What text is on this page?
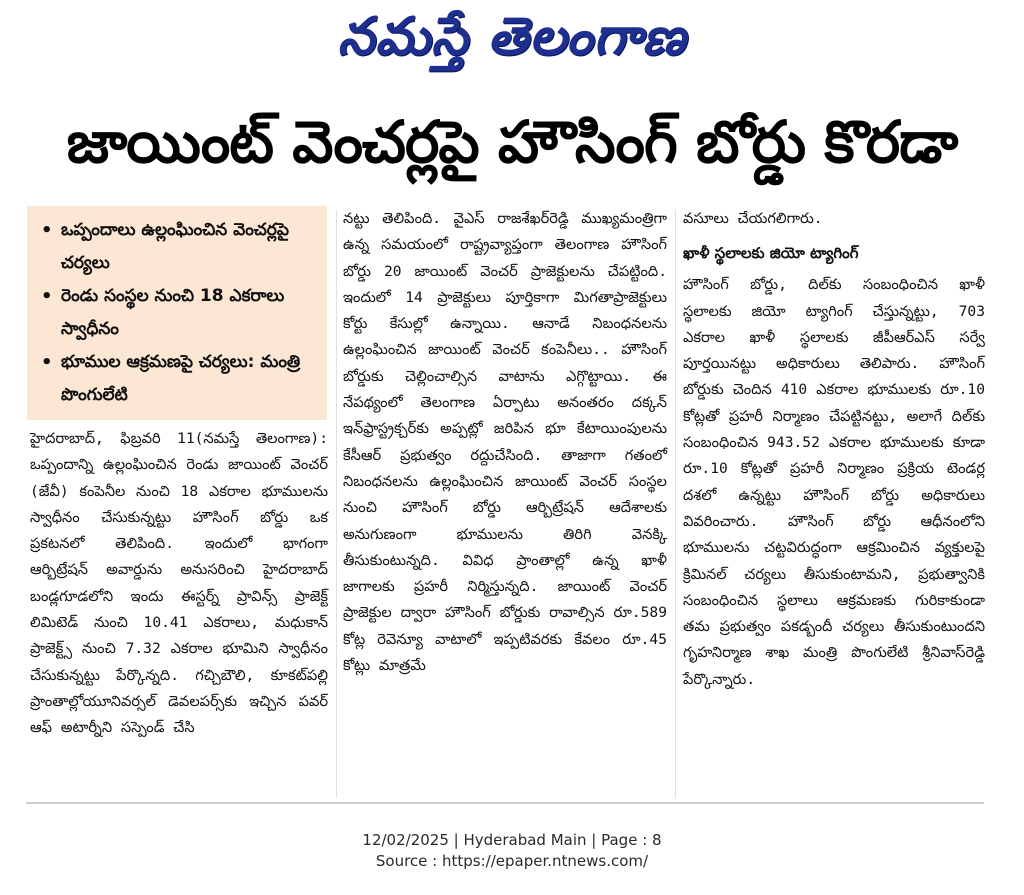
నమస్తే తెలంగాణ
జాయింట్ వెంచర్లపై హౌసింగ్ బోర్డు కొరడా
• ఒప్పందాలు ఉల్లంఘించిన వెంచర్లపై చర్యలు
• రెండు సంస్థల నుంచి 18 ఎకరాలు స్వాధీనం
• భూముల ఆక్రమణపై చర్యలు: మంత్రి పొంగులేటి

హైదరాబాద్, ఫిబ్రవరి 11(నమస్తే తెలంగాణ): ఒప్పందాన్ని ఉల్లంఘించిన రెండు జాయింట్ వెంచర్ (జేవీ) కంపెనీల నుంచి 18 ఎకరాల భూములను స్వాధీనం చేసుకున్నట్టు హౌసింగ్ బోర్డు ఒక ప్రకటనలో తెలిపింది. ఇందులో భాగంగా ఆర్బిట్రేషన్ అవార్డును అనుసరించి హైదరాబాద్ బండ్లగూడలోని ఇందు ఈస్టర్న్ ప్రావిన్స్ ప్రాజెక్ట్ లిమిటెడ్ నుంచి 10.41 ఎకరాలు, మధుకాన్ ప్రాజెక్ట్స్ నుంచి 7.32 ఎకరాల భూమిని స్వాధీనం చేసుకున్నట్టు పేర్కొన్నది. గచ్చిబౌలి, కూకట్‌పల్లి ప్రాంతాల్లోయూనివర్సల్ డెవలపర్స్‌కు ఇచ్చిన పవర్ ఆఫ్ అటార్నీని సస్పెండ్ చేసి

నట్టు తెలిపింది. వైఎస్ రాజశేఖర్‌రెడ్డి ముఖ్యమంత్రిగా ఉన్న సమయంలో రాష్ట్రవ్యాప్తంగా తెలంగాణ హౌసింగ్ బోర్డు 20 జాయింట్ వెంచర్ ప్రాజెక్టులను చేపట్టింది. ఇందులో 14 ప్రాజెక్టులు పూర్తికాగా మిగతాప్రాజెక్టులు కోర్టు కేసుల్లో ఉన్నాయి. ఆనాడే నిబంధనలను ఉల్లంఘించిన జాయింట్ వెంచర్ కంపెనీలు.. హౌసింగ్ బోర్డుకు చెల్లించాల్సిన వాటాను ఎగ్గొట్టాయి. ఈ నేపథ్యంలో తెలంగాణ ఏర్పాటు అనంతరం దక్కన్ ఇన్‌ఫ్రాస్ట్రక్చర్‌కు అప్పట్లో జరిపిన భూ కేటాయింపులను కేసీఆర్ ప్రభుత్వం రద్దుచేసింది. తాజాగా గతంలో నిబంధనలను ఉల్లంఘించిన జాయింట్ వెంచర్ సంస్థల నుంచి హౌసింగ్ బోర్డు ఆర్బిట్రేషన్ ఆదేశాలకు అనుగుణంగా భూములను తిరిగి వెనక్కి తీసుకుంటున్నది. వివిధ ప్రాంతాల్లో ఉన్న ఖాళీ జాగాలకు ప్రహరీ నిర్మిస్తున్నది. జాయింట్ వెంచర్ ప్రాజెక్టుల ద్వారా హౌసింగ్ బోర్డుకు రావాల్సిన రూ.589 కోట్ల రెవెన్యూ వాటాలో ఇప్పటివరకు కేవలం రూ.45 కోట్లు మాత్రమే

వసూలు చేయగలిగారు.

ఖాళీ స్థలాలకు జియో ట్యాగింగ్

హౌసింగ్ బోర్డు, దిల్‌కు సంబంధించిన ఖాళీ స్థలాలకు జియో ట్యాగింగ్ చేస్తున్నట్టు, 703 ఎకరాల ఖాళీ స్థలాలకు జీపీఆర్ఎస్ సర్వే పూర్తయినట్టు అధికారులు తెలిపారు. హౌసింగ్ బోర్డుకు చెందిన 410 ఎకరాల భూములకు రూ.10 కోట్లతో ప్రహరీ నిర్మాణం చేపట్టినట్టు, అలాగే దిల్‌కు సంబంధించిన 943.52 ఎకరాల భూములకు కూడా రూ.10 కోట్లతో ప్రహరీ నిర్మాణం ప్రక్రియ టెండర్ల దశలో ఉన్నట్టు హౌసింగ్ బోర్డు అధికారులు వివరించారు. హౌసింగ్ బోర్డు ఆధీనంలోని భూములను చట్టవిరుద్ధంగా ఆక్రమించిన వ్యక్తులపై క్రిమినల్ చర్యలు తీసుకుంటామని, ప్రభుత్వానికి సంబంధించిన స్థలాలు ఆక్రమణకు గురికాకుండా తమ ప్రభుత్వం పకడ్బందీ చర్యలు తీసుకుంటుందని గృహనిర్మాణ శాఖ మంత్రి పొంగులేటి శ్రీనివాస్‌రెడ్డి పేర్కొన్నారు.

12/02/2025 | Hyderabad Main | Page : 8
Source : https://epaper.ntnews.com/
